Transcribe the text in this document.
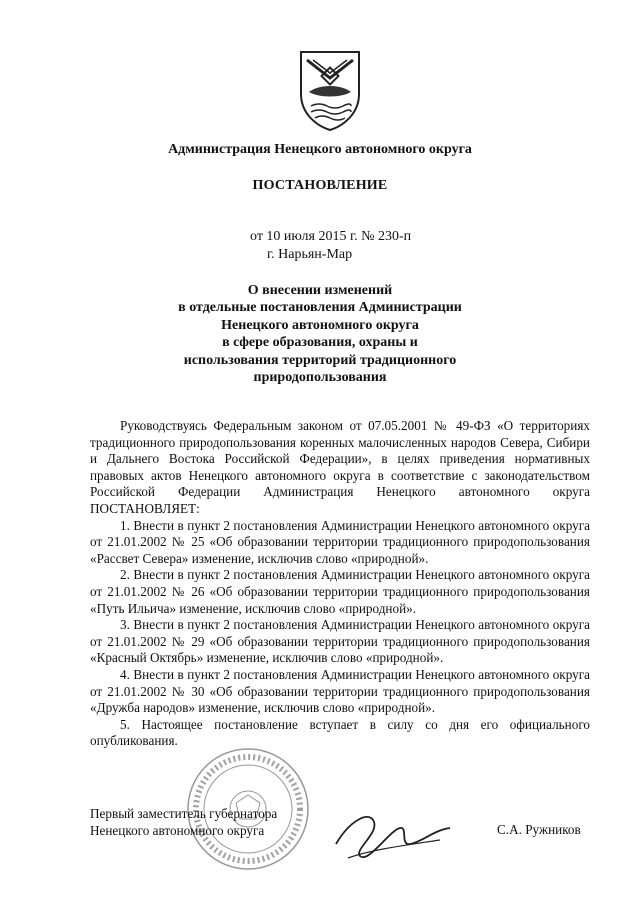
Администрация Ненецкого автономного округа
ПОСТАНОВЛЕНИЕ
от 10 июля 2015 г. № 230-п
г. Нарьян-Мар
О внесении изменений
в отдельные постановления Администрации
Ненецкого автономного округа
в сфере образования, охраны и
использования территорий традиционного
природопользования

Руководствуясь Федеральным законом от 07.05.2001 № 49-ФЗ «О территориях традиционного природопользования коренных малочисленных народов Севера, Сибири и Дальнего Востока Российской Федерации», в целях приведения нормативных правовых актов Ненецкого автономного округа в соответствие с законодательством Российской Федерации Администрация Ненецкого автономного округа ПОСТАНОВЛЯЕТ:

1. Внести в пункт 2 постановления Администрации Ненецкого автономного округа от 21.01.2002 № 25 «Об образовании территории традиционного природопользования «Рассвет Севера» изменение, исключив слово «природной».

2. Внести в пункт 2 постановления Администрации Ненецкого автономного округа от 21.01.2002 № 26 «Об образовании территории традиционного природопользования «Путь Ильича» изменение, исключив слово «природной».

3. Внести в пункт 2 постановления Администрации Ненецкого автономного округа от 21.01.2002 № 29 «Об образовании территории традиционного природопользования «Красный Октябрь» изменение, исключив слово «природной».

4. Внести в пункт 2 постановления Администрации Ненецкого автономного округа от 21.01.2002 № 30 «Об образовании территории традиционного природопользования «Дружба народов» изменение, исключив слово «природной».

5. Настоящее постановление вступает в силу со дня его официального опубликования.

Первый заместитель губернатора
Ненецкого автономного округа	С.А. Ружников
